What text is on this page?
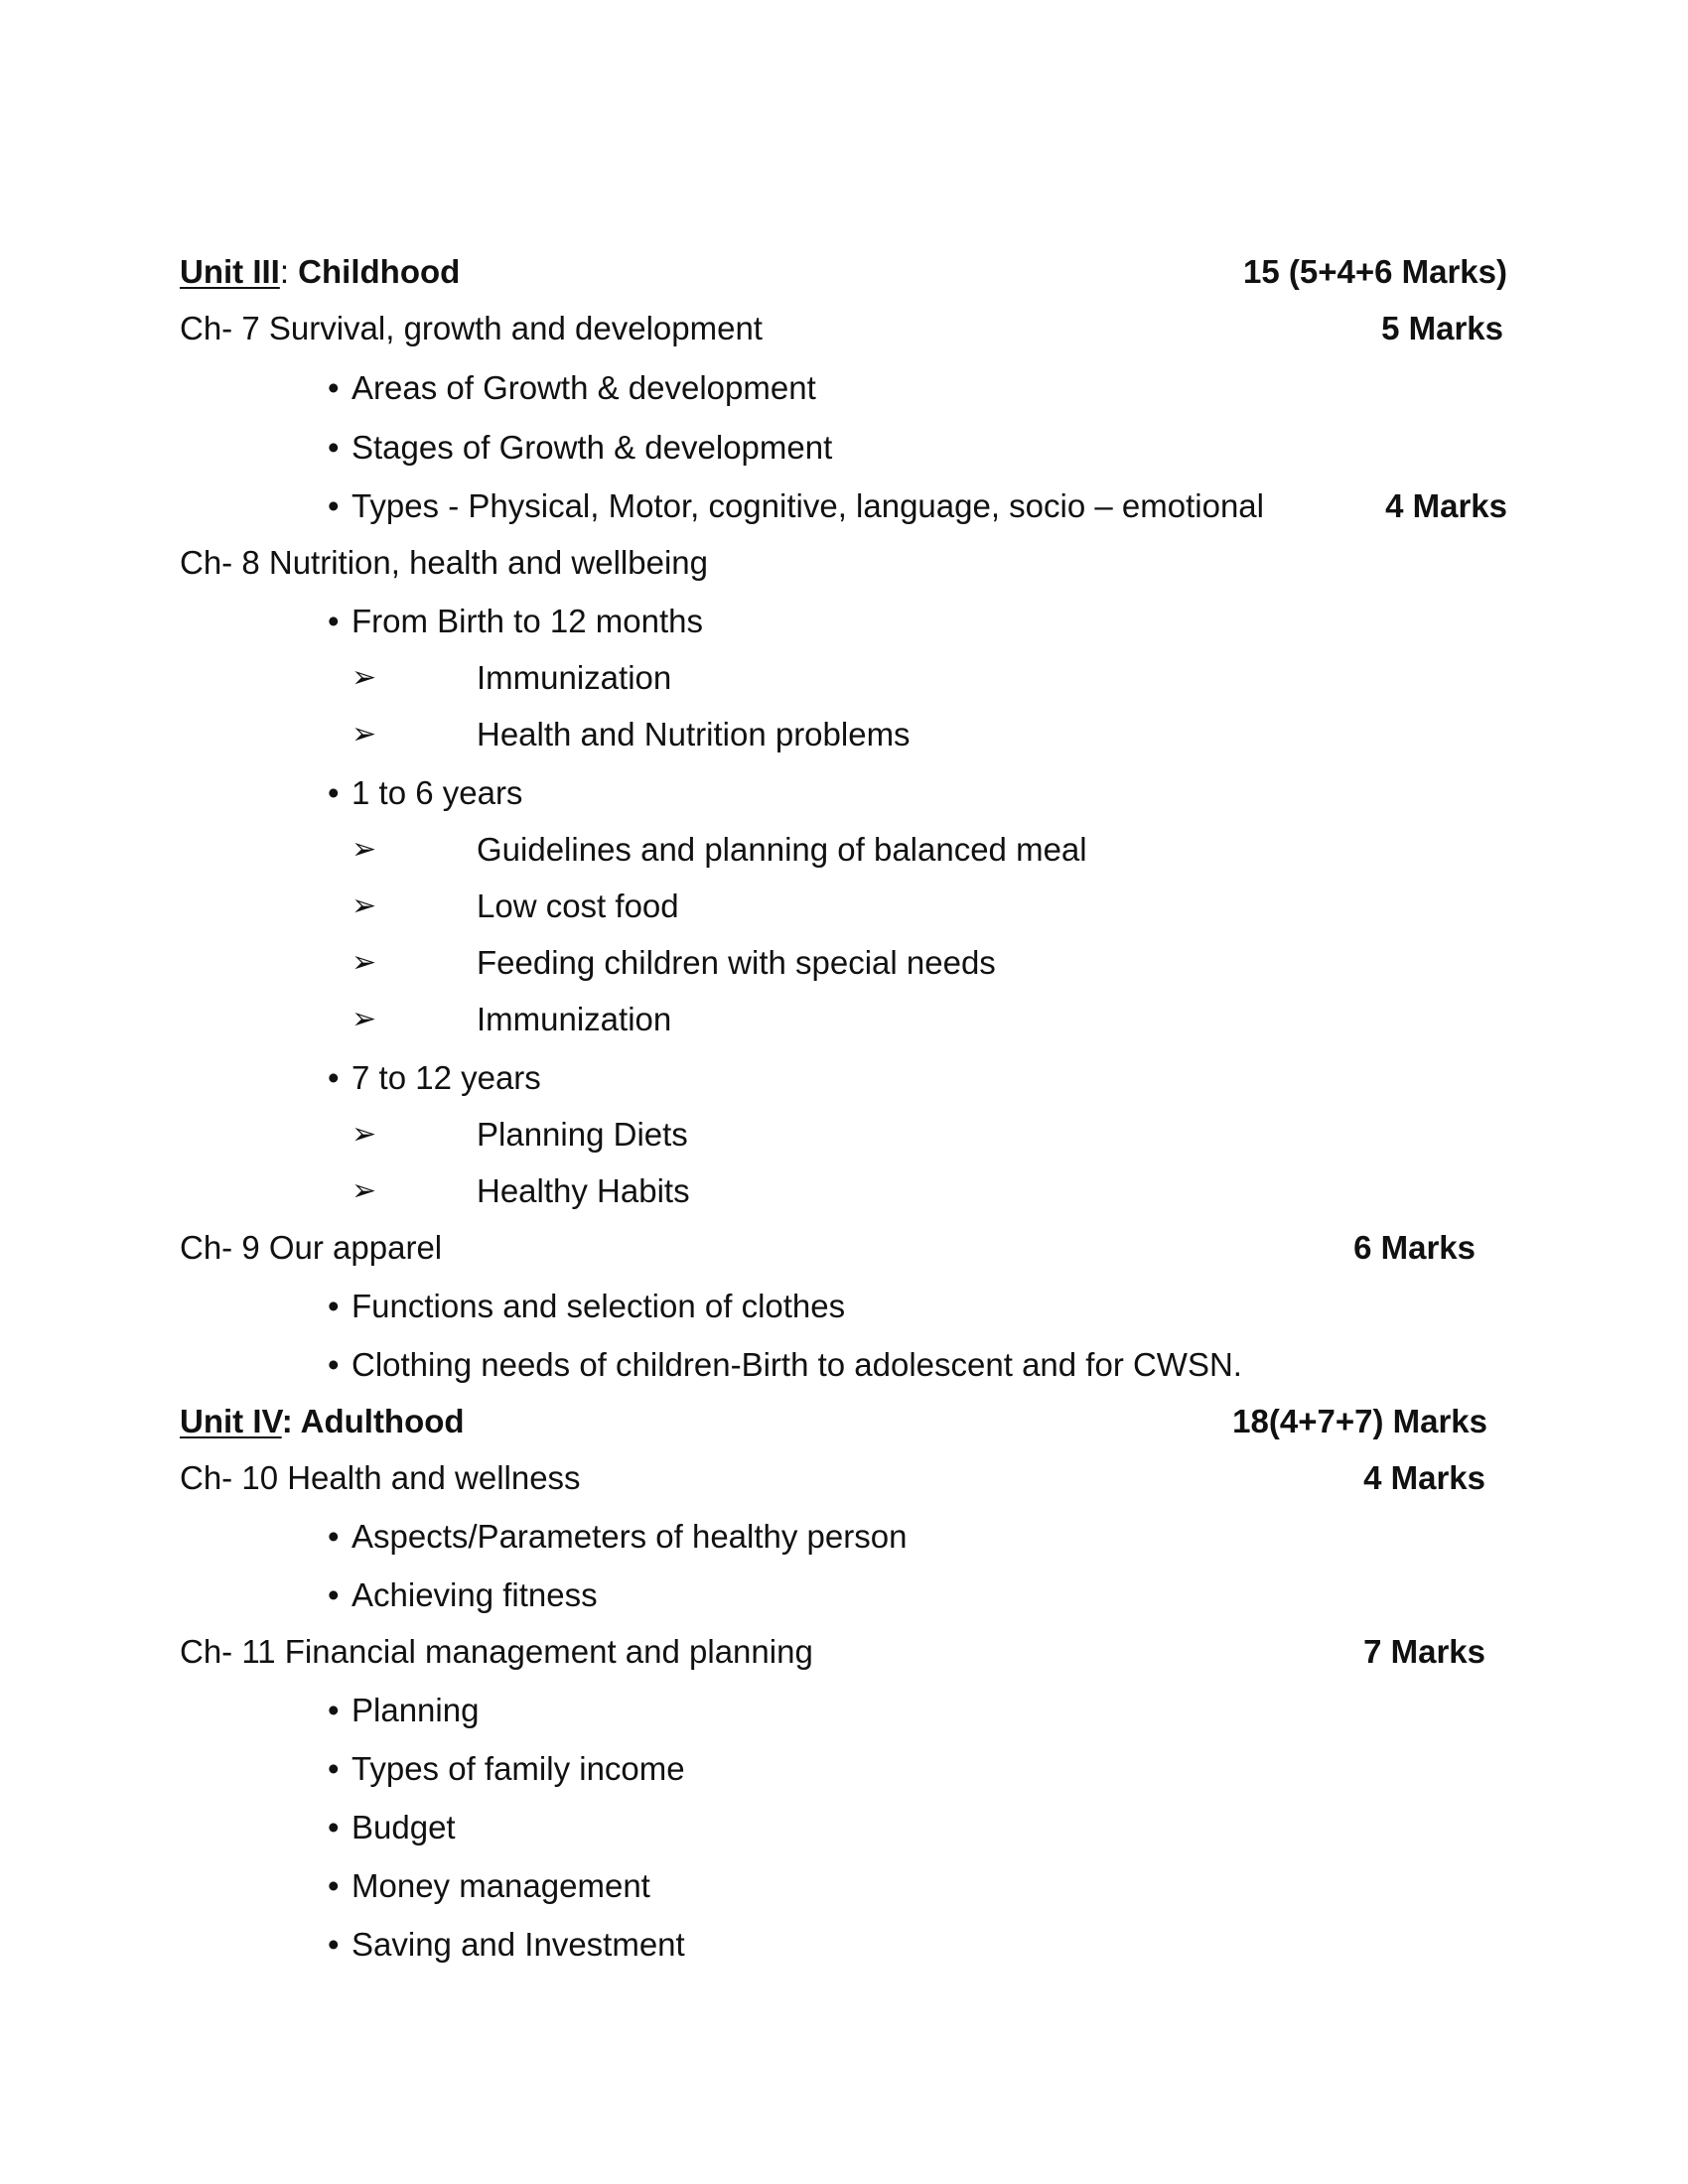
Unit III: Childhood	15 (5+4+6 Marks)
Ch- 7 Survival, growth and development	5 Marks
• Areas of Growth & development
• Stages of Growth & development
• Types - Physical, Motor, cognitive, language, socio – emotional	4 Marks
Ch- 8 Nutrition, health and wellbeing
• From Birth to 12 months
➢	Immunization
➢	Health and Nutrition problems
• 1 to 6 years
➢	Guidelines and planning of balanced meal
➢	Low cost food
➢	Feeding children with special needs
➢	Immunization
• 7 to 12 years
➢	Planning Diets
➢	Healthy Habits
Ch- 9 Our apparel	6 Marks
• Functions and selection of clothes
• Clothing needs of children-Birth to adolescent and for CWSN.
Unit IV: Adulthood	18(4+7+7) Marks
Ch- 10 Health and wellness	4 Marks
• Aspects/Parameters of healthy person
• Achieving fitness
Ch- 11 Financial management and planning	7 Marks
• Planning
• Types of family income
• Budget
• Money management
• Saving and Investment
